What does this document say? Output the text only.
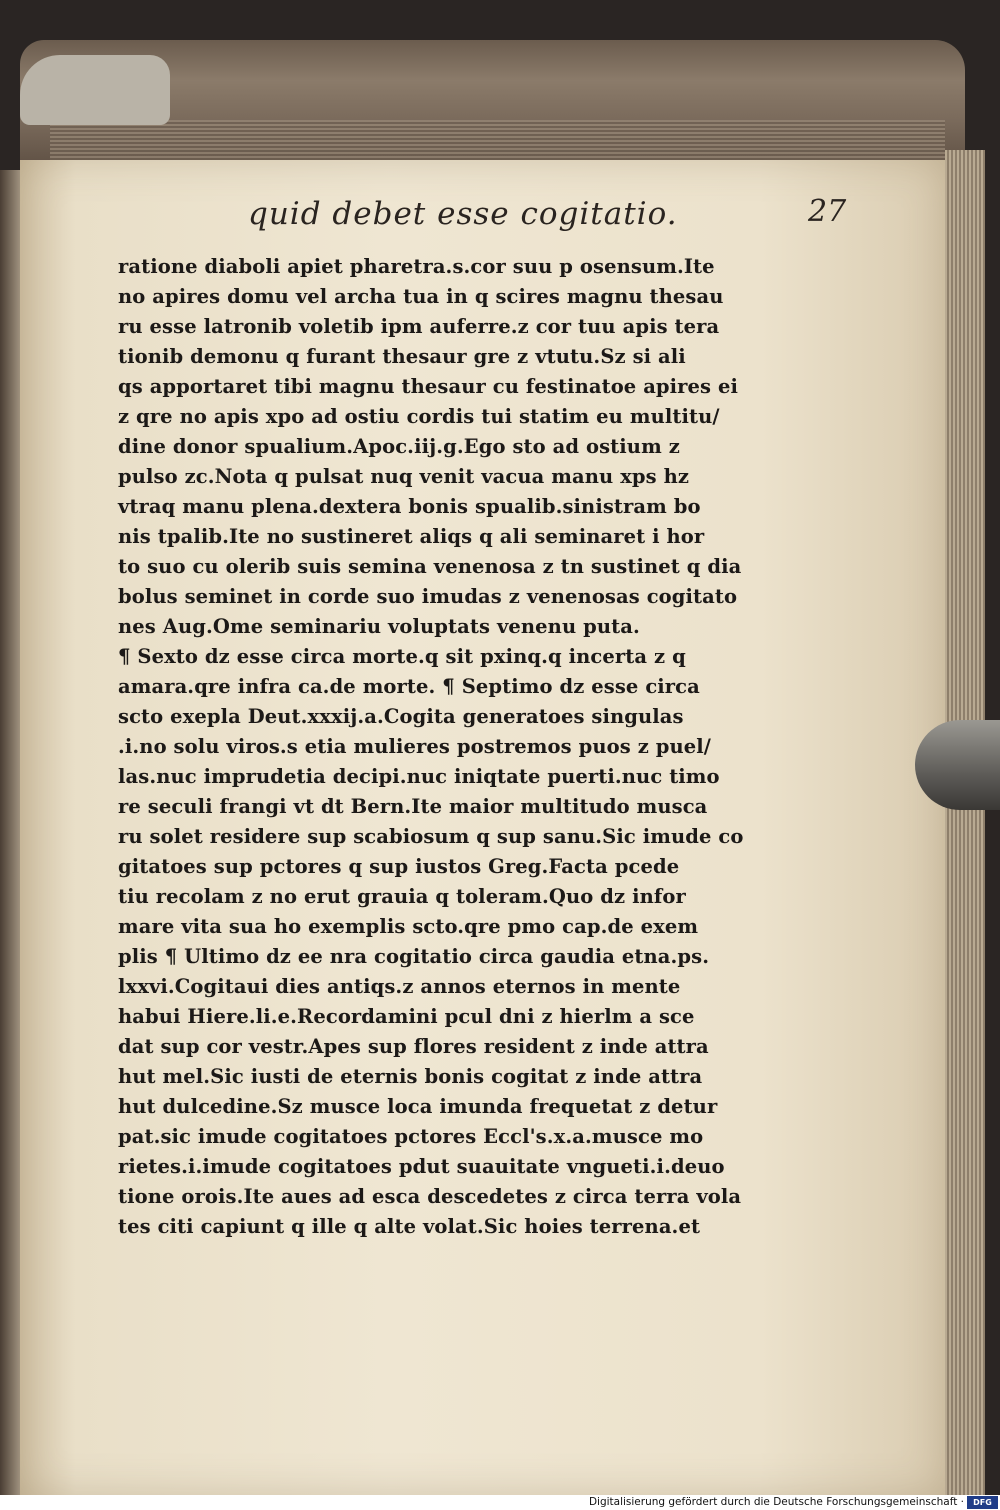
quid debet esse cogitatio.	27
ratione diaboli apiet pharetra.s.cor suu p osensum.Ite
no apires domu vel archa tua in q scires magnu thesau
ru esse latronib voletib ipm auferre.z cor tuu apis tera
tionib demonu q furant thesaur gre z vtutu.Sz si ali
qs apportaret tibi magnu thesaur cu festinatoe apires ei
z qre no apis xpo ad ostiu cordis tui statim eu multitu/
dine donor spualium.Apoc.iij.g.Ego sto ad ostium z
pulso zc.Nota q pulsat nuq venit vacua manu xps hz
vtraq manu plena.dextera bonis spualib.sinistram bo
nis tpalib.Ite no sustineret aliqs q ali seminaret i hor
to suo cu olerib suis semina venenosa z tn sustinet q dia
bolus seminet in corde suo imudas z venenosas cogitato
nes Aug.Ome seminariu voluptats venenu puta.
¶ Sexto dz esse circa morte.q sit pxinq.q incerta z q
amara.qre infra ca.de morte. ¶ Septimo dz esse circa
scto exepla Deut.xxxij.a.Cogita generatoes singulas
.i.no solu viros.s etia mulieres postremos puos z puel/
las.nuc imprudetia decipi.nuc iniqtate puerti.nuc timo
re seculi frangi vt dt Bern.Ite maior multitudo musca
ru solet residere sup scabiosum q sup sanu.Sic imude co
gitatoes sup pctores q sup iustos Greg.Facta pcede
tiu recolam z no erut grauia q toleram.Quo dz infor
mare vita sua ho exemplis scto.qre pmo cap.de exem
plis ¶ Ultimo dz ee nra cogitatio circa gaudia etna.ps.
lxxvi.Cogitaui dies antiqs.z annos eternos in mente
habui Hiere.li.e.Recordamini pcul dni z hierlm a sce
dat sup cor vestr.Apes sup flores resident z inde attra
hut mel.Sic iusti de eternis bonis cogitat z inde attra
hut dulcedine.Sz musce loca imunda frequetat z detur
pat.sic imude cogitatoes pctores Eccl's.x.a.musce mo
rietes.i.imude cogitatoes pdut suauitate vngueti.i.deuo
tione orois.Ite aues ad esca descedetes z circa terra vola
tes citi capiunt q ille q alte volat.Sic hoies terrena.et
Digitalisierung gefördert durch die Deutsche Forschungsgemeinschaft ·	DFG
